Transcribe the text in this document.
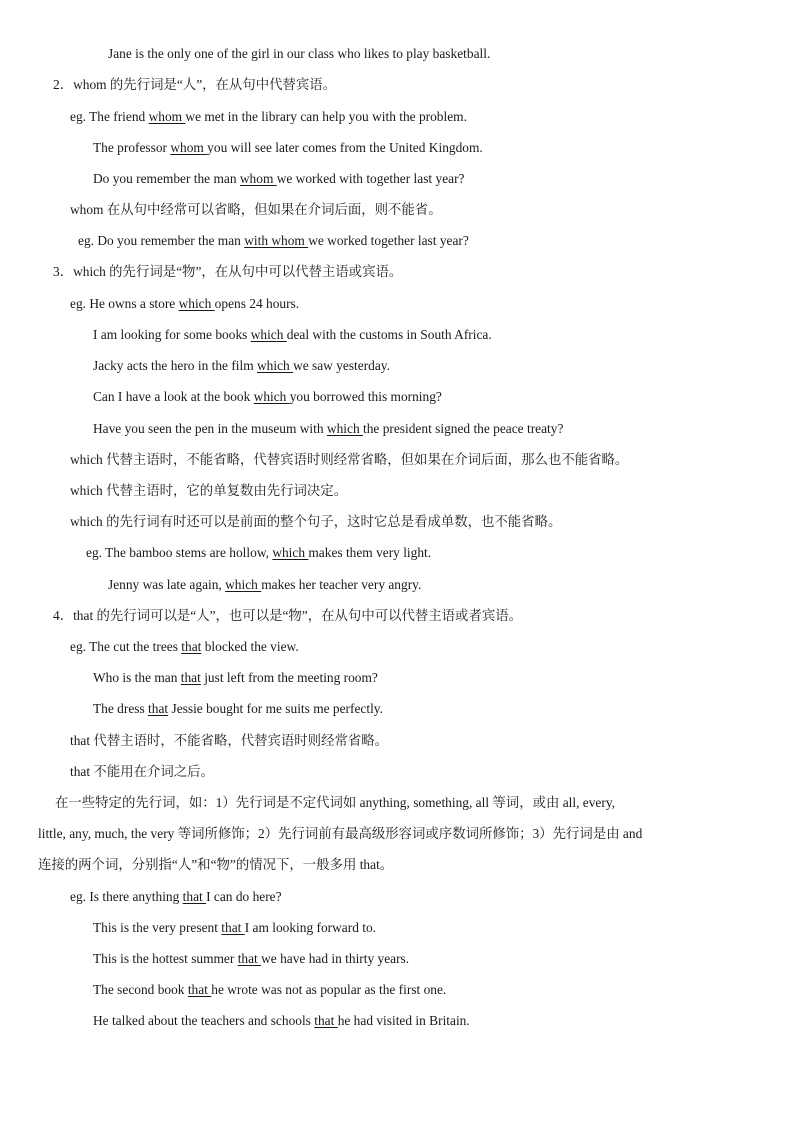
Jane is the only one of the girl in our class who likes to play basketball.
2．whom 的先行词是“人”，在从句中代替宾语。
eg. The friend whom we met in the library can help you with the problem.
The professor whom you will see later comes from the United Kingdom.
Do you remember the man whom we worked with together last year?
whom 在从句中经常可以省略，但如果在介词后面，则不能省。
eg. Do you remember the man with whom we worked together last year?
3．which 的先行词是“物”，在从句中可以代替主语或宾语。
eg. He owns a store which opens 24 hours.
I am looking for some books which deal with the customs in South Africa.
Jacky acts the hero in the film which we saw yesterday.
Can I have a look at the book which you borrowed this morning?
Have you seen the pen in the museum with which the president signed the peace treaty?
which 代替主语时，不能省略，代替宾语时则经常省略，但如果在介词后面，那么也不能省略。
which 代替主语时，它的单复数由先行词决定。
which 的先行词有时还可以是前面的整个句子，这时它总是看成单数，也不能省略。
eg. The bamboo stems are hollow, which makes them very light.
Jenny was late again, which makes her teacher very angry.
4．that 的先行词可以是“人”，也可以是“物”，在从句中可以代替主语或者宾语。
eg. The cut the trees that blocked the view.
Who is the man that just left from the meeting room?
The dress that Jessie bought for me suits me perfectly.
that 代替主语时，不能省略，代替宾语时则经常省略。
that 不能用在介词之后。
在一些特定的先行词，如：1）先行词是不定代词如 anything, something, all 等词，或由 all, every,
little, any, much, the very 等词所修饰；2）先行词前有最高级形容词或序数词所修饰；3）先行词是由 and
连接的两个词，分别指“人”和“物”的情况下，一般多用 that。
eg. Is there anything that I can do here?
This is the very present that I am looking forward to.
This is the hottest summer that we have had in thirty years.
The second book that he wrote was not as popular as the first one.
He talked about the teachers and schools that he had visited in Britain.
